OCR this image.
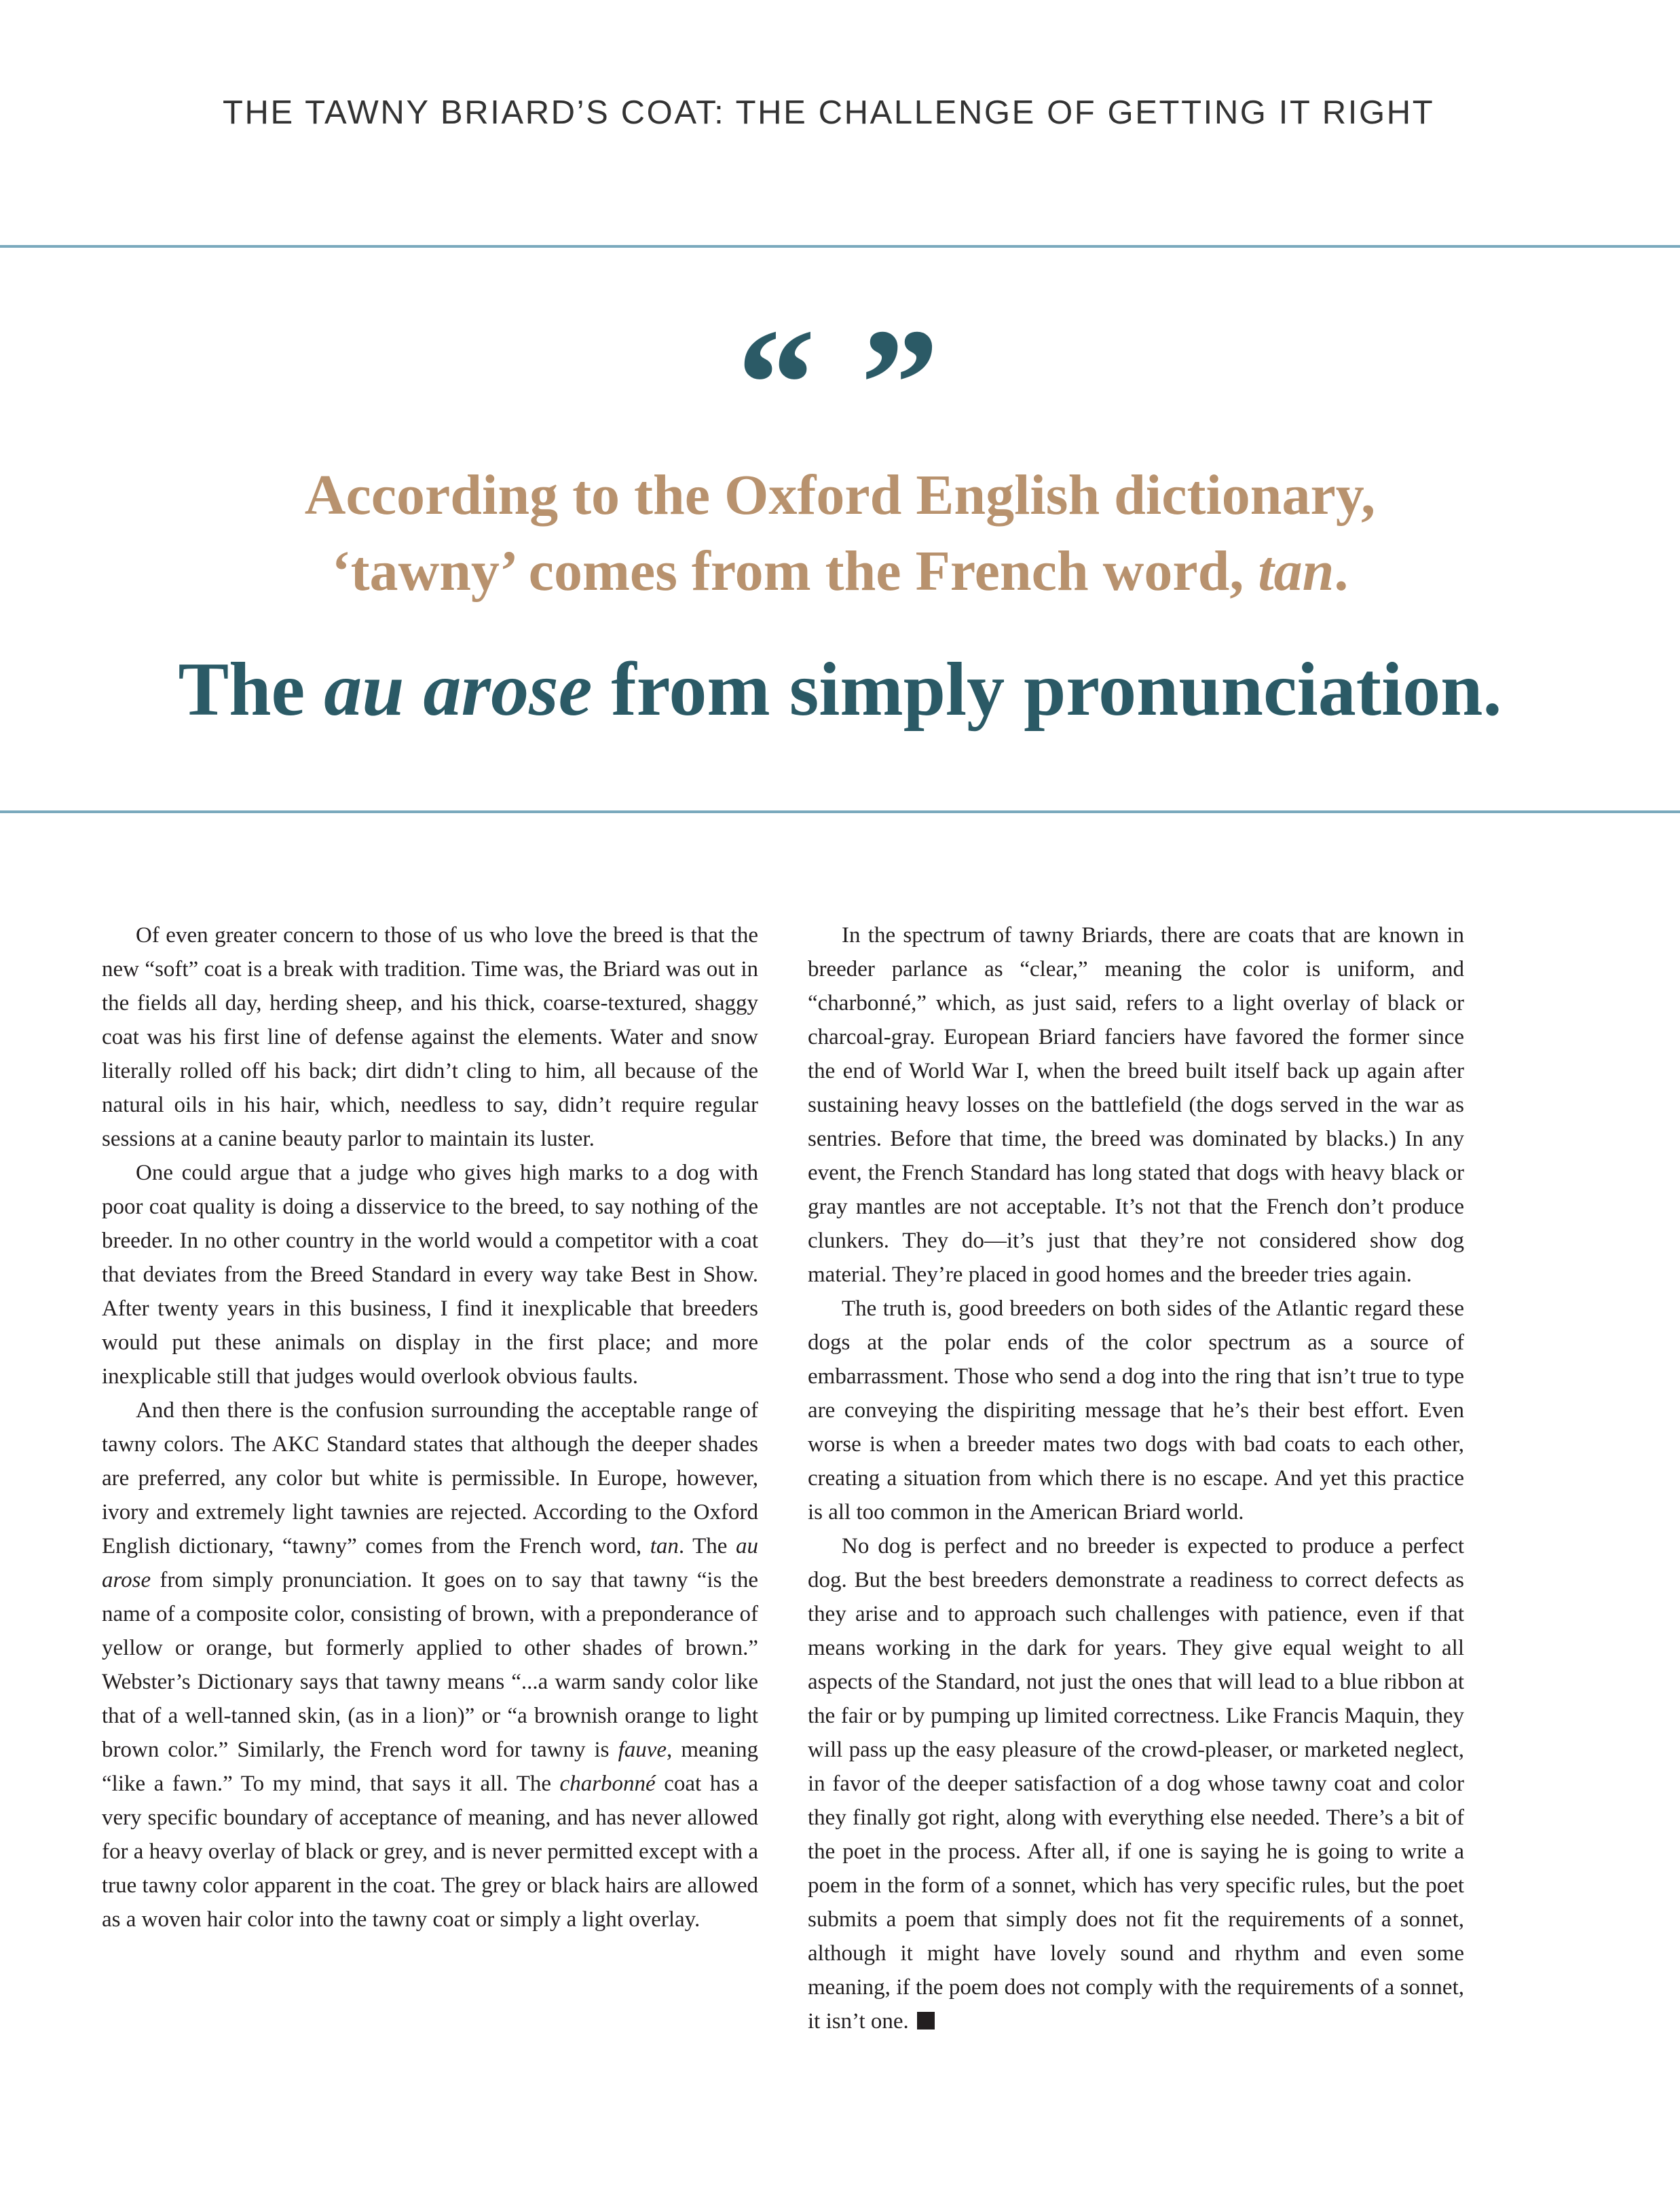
THE TAWNY BRIARD’S COAT: THE CHALLENGE OF GETTING IT RIGHT
“ ”
According to the Oxford English dictionary,
‘tawny’ comes from the French word, tan.
The au arose from simply pronunciation.

Of even greater concern to those of us who love the breed is that the new “soft” coat is a break with tradition. Time was, the Briard was out in the fields all day, herding sheep, and his thick, coarse-textured, shaggy coat was his first line of defense against the elements. Water and snow literally rolled off his back; dirt didn’t cling to him, all because of the natural oils in his hair, which, needless to say, didn’t require regular sessions at a canine beauty parlor to maintain its luster.

One could argue that a judge who gives high marks to a dog with poor coat quality is doing a disservice to the breed, to say nothing of the breeder. In no other country in the world would a competitor with a coat that deviates from the Breed Standard in every way take Best in Show. After twenty years in this business, I find it inexplicable that breeders would put these animals on display in the first place; and more inexplicable still that judges would overlook obvious faults.

And then there is the confusion surrounding the acceptable range of tawny colors. The AKC Standard states that although the deeper shades are preferred, any color but white is permissible. In Europe, however, ivory and extremely light tawnies are rejected. According to the Oxford English dictionary, “tawny” comes from the French word, tan. The au arose from simply pronunciation. It goes on to say that tawny “is the name of a composite color, consisting of brown, with a preponderance of yellow or orange, but formerly applied to other shades of brown.” Webster’s Dictionary says that tawny means “...a warm sandy color like that of a well-tanned skin, (as in a lion)” or “a brownish orange to light brown color.” Similarly, the French word for tawny is fauve, meaning “like a fawn.” To my mind, that says it all. The charbonné coat has a very specific boundary of acceptance of meaning, and has never allowed for a heavy overlay of black or grey, and is never permitted except with a true tawny color apparent in the coat. The grey or black hairs are allowed as a woven hair color into the tawny coat or simply a light overlay.

In the spectrum of tawny Briards, there are coats that are known in breeder parlance as “clear,” meaning the color is uniform, and “charbonné,” which, as just said, refers to a light overlay of black or charcoal-gray. European Briard fanciers have favored the former since the end of World War I, when the breed built itself back up again after sustaining heavy losses on the battlefield (the dogs served in the war as sentries. Before that time, the breed was dominated by blacks.) In any event, the French Standard has long stated that dogs with heavy black or gray mantles are not acceptable. It’s not that the French don’t produce clunkers. They do—it’s just that they’re not considered show dog material. They’re placed in good homes and the breeder tries again.

The truth is, good breeders on both sides of the Atlantic regard these dogs at the polar ends of the color spectrum as a source of embarrassment. Those who send a dog into the ring that isn’t true to type are conveying the dispiriting message that he’s their best effort. Even worse is when a breeder mates two dogs with bad coats to each other, creating a situation from which there is no escape. And yet this practice is all too common in the American Briard world.

No dog is perfect and no breeder is expected to produce a perfect dog. But the best breeders demonstrate a readiness to correct defects as they arise and to approach such challenges with patience, even if that means working in the dark for years. They give equal weight to all aspects of the Standard, not just the ones that will lead to a blue ribbon at the fair or by pumping up limited correctness. Like Francis Maquin, they will pass up the easy pleasure of the crowd-pleaser, or marketed neglect, in favor of the deeper satisfaction of a dog whose tawny coat and color they finally got right, along with everything else needed. There’s a bit of the poet in the process. After all, if one is saying he is going to write a poem in the form of a sonnet, which has very specific rules, but the poet submits a poem that simply does not fit the requirements of a sonnet, although it might have lovely sound and rhythm and even some meaning, if the poem does not comply with the requirements of a sonnet, it isn’t one.
